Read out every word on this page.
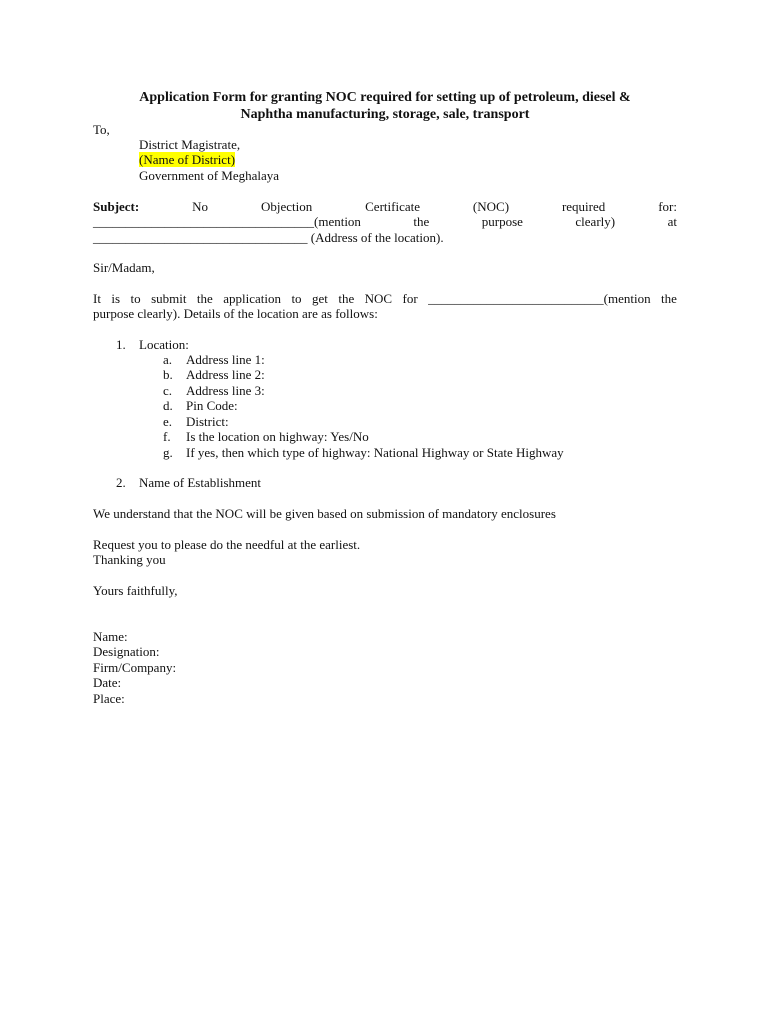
Application Form for granting NOC required for setting up of petroleum, diesel &
Naphtha manufacturing, storage, sale, transport
To,
District Magistrate,
(Name of District)
Government of Meghalaya
Subject:	No	Objection	Certificate	(NOC)	required	for:
__________________________________(mention	the	purpose	clearly)	at
_________________________________ (Address of the location).
Sir/Madam,
It is to submit the application to get the NOC for ___________________________(mention the
purpose clearly). Details of the location are as follows:
1. Location:
a. Address line 1:
b. Address line 2:
c. Address line 3:
d. Pin Code:
e. District:
f. Is the location on highway: Yes/No
g. If yes, then which type of highway: National Highway or State Highway
2. Name of Establishment
We understand that the NOC will be given based on submission of mandatory enclosures
Request you to please do the needful at the earliest.
Thanking you
Yours faithfully,
Name:
Designation:
Firm/Company:
Date:
Place:
